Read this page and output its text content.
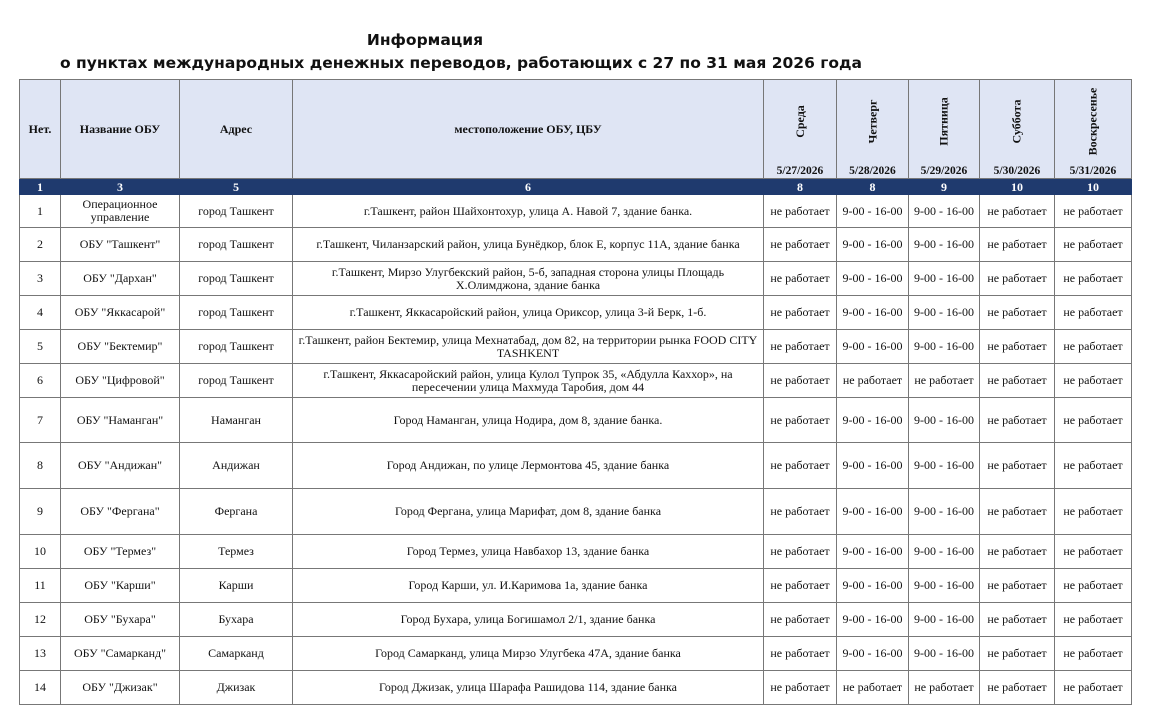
Информация
о пунктах международных денежных переводов, работающих с 27 по 31 мая 2026 года
Нет.	Название ОБУ	Адрес	местоположение ОБУ, ЦБУ	Среда	Четверг	Пятница	Суббота	Воскресенье
				5/27/2026	5/28/2026	5/29/2026	5/30/2026	5/31/2026
1	3	5	6	8	8	9	10	10
1	Операционное управление	город Ташкент	г.Ташкент, район Шайхонтохур, улица А. Навой 7, здание банка.	не работает	9-00 - 16-00	9-00 - 16-00	не работает	не работает
2	ОБУ "Ташкент"	город Ташкент	г.Ташкент, Чиланзарский район, улица Бунёдкор, блок E, корпус 11A, здание банка	не работает	9-00 - 16-00	9-00 - 16-00	не работает	не работает
3	ОБУ "Дархан"	город Ташкент	г.Ташкент, Мирзо Улугбекский район, 5-б, западная сторона улицы Площадь Х.Олимджона, здание банка	не работает	9-00 - 16-00	9-00 - 16-00	не работает	не работает
4	ОБУ "Яккасарой"	город Ташкент	г.Ташкент, Яккасаройский район, улица Ориксор, улица 3-й Берк, 1-б.	не работает	9-00 - 16-00	9-00 - 16-00	не работает	не работает
5	ОБУ "Бектемир"	город Ташкент	г.Ташкент, район Бектемир, улица Мехнатабад, дом 82, на территории рынка FOOD CITY TASHKENT	не работает	9-00 - 16-00	9-00 - 16-00	не работает	не работает
6	ОБУ "Цифровой"	город Ташкент	г.Ташкент, Яккасаройский район, улица Кулол Тупрок 35, «Абдулла Каххор», на пересечении улица Махмуда Таробия, дом 44	не работает	не работает	не работает	не работает	не работает
7	ОБУ "Наманган"	Наманган	Город Наманган, улица Нодира, дом 8, здание банка.	не работает	9-00 - 16-00	9-00 - 16-00	не работает	не работает
8	ОБУ "Андижан"	Андижан	Город Андижан, по улице Лермонтова 45, здание банка	не работает	9-00 - 16-00	9-00 - 16-00	не работает	не работает
9	ОБУ "Фергана"	Фергана	Город Фергана, улица Марифат, дом 8, здание банка	не работает	9-00 - 16-00	9-00 - 16-00	не работает	не работает
10	ОБУ "Термез"	Термез	Город Термез, улица Навбахор 13, здание банка	не работает	9-00 - 16-00	9-00 - 16-00	не работает	не работает
11	ОБУ "Карши"	Карши	Город Карши, ул. И.Каримова 1а, здание банка	не работает	9-00 - 16-00	9-00 - 16-00	не работает	не работает
12	ОБУ "Бухара"	Бухара	Город Бухара, улица Богишамол 2/1, здание банка	не работает	9-00 - 16-00	9-00 - 16-00	не работает	не работает
13	ОБУ "Самарканд"	Самарканд	Город Самарканд, улица Мирзо Улугбека 47А, здание банка	не работает	9-00 - 16-00	9-00 - 16-00	не работает	не работает
14	ОБУ "Джизак"	Джизак	Город Джизак, улица Шарафа Рашидова 114, здание банка	не работает	не работает	не работает	не работает	не работает
